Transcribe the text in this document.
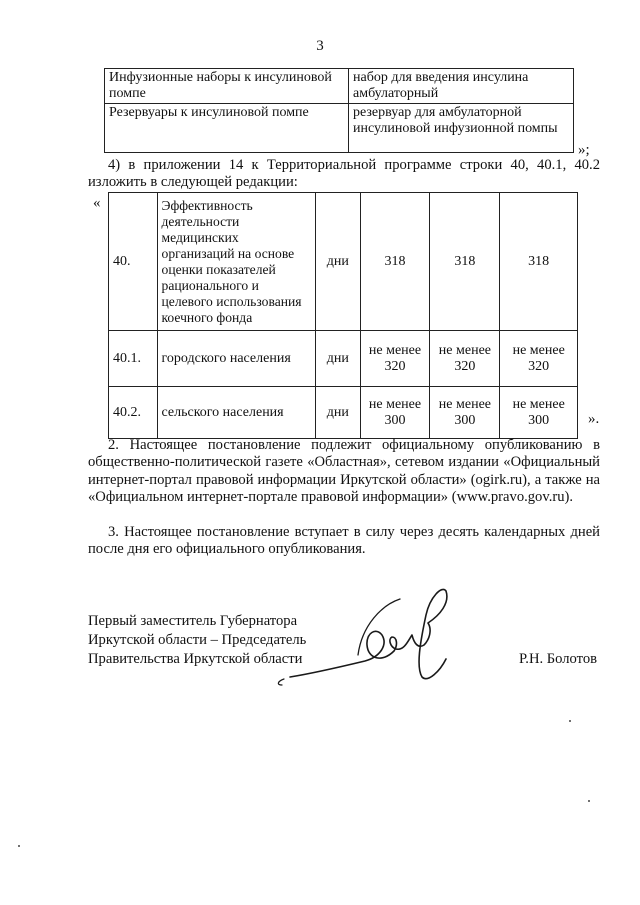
3
Инфузионные наборы к инсулиновой помпе	набор для введения инсулина амбулаторный
Резервуары к инсулиновой помпе	резервуар для амбулаторной инсулиновой инфузионной помпы
»;
4) в приложении 14 к Территориальной программе строки 40, 40.1, 40.2 изложить в следующей редакции:
«
40.	Эффективность деятельности медицинских организаций на основе оценки показателей рационального и целевого использования коечного фонда	дни	318	318	318
40.1.	городского населения	дни	не менее 320	не менее 320	не менее 320
40.2.	сельского населения	дни	не менее 300	не менее 300	не менее 300	».
2. Настоящее постановление подлежит официальному опубликованию в общественно-политической газете «Областная», сетевом издании «Официальный интернет-портал правовой информации Иркутской области» (ogirk.ru), а также на «Официальном интернет-портале правовой информации» (www.pravo.gov.ru).
3. Настоящее постановление вступает в силу через десять календарных дней после дня его официального опубликования.
Первый заместитель Губернатора
Иркутской области – Председатель
Правительства Иркутской области	Р.Н. Болотов
